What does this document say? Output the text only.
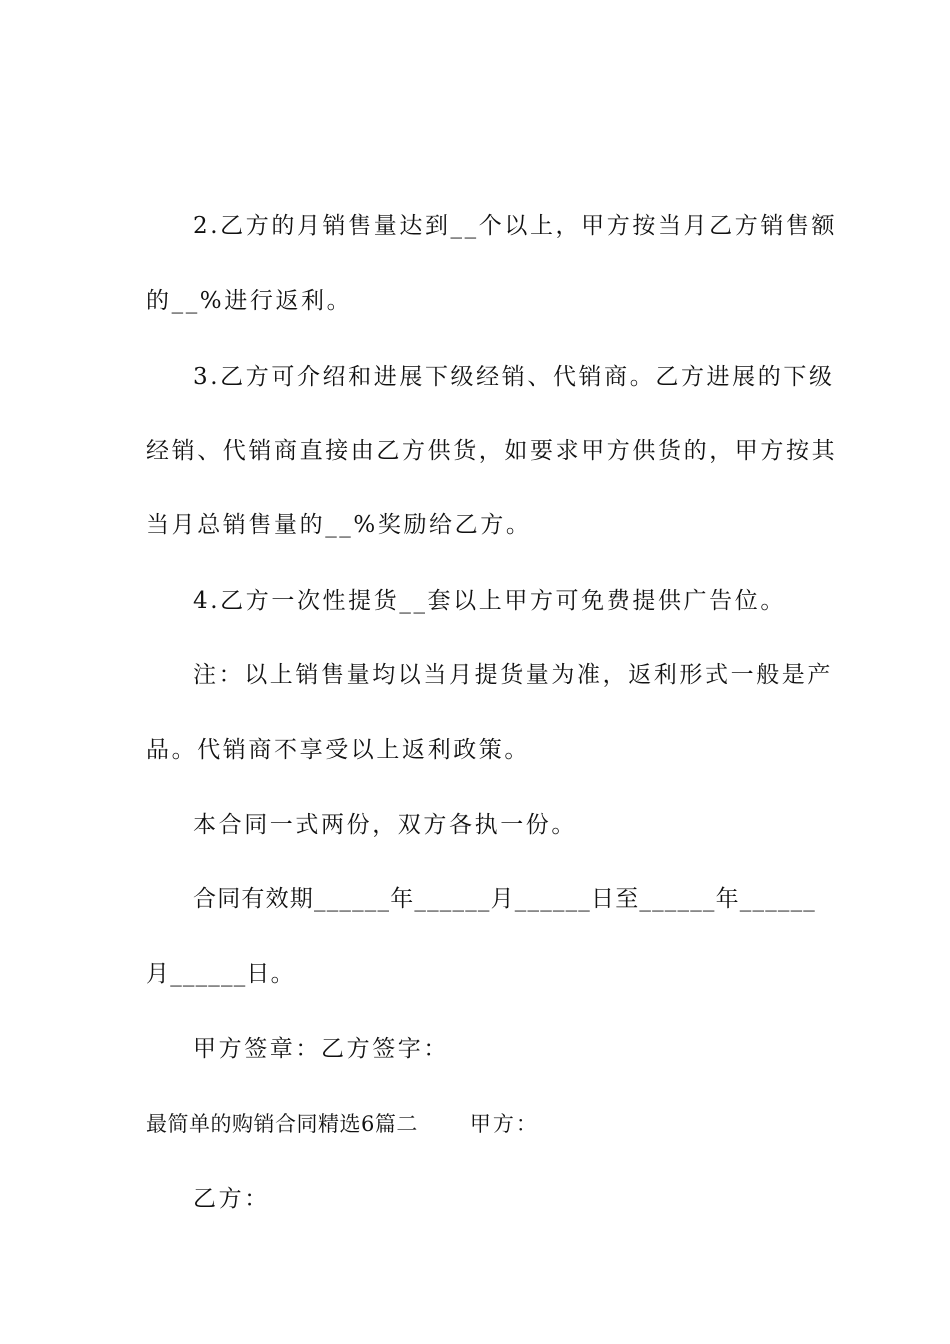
2.乙方的月销售量达到__个以上，甲方按当月乙方销售额
的__%进行返利。
3.乙方可介绍和进展下级经销、代销商。乙方进展的下级
经销、代销商直接由乙方供货，如要求甲方供货的，甲方按其
当月总销售量的__%奖励给乙方。
4.乙方一次性提货__套以上甲方可免费提供广告位。
注：以上销售量均以当月提货量为准，返利形式一般是产
品。代销商不享受以上返利政策。
本合同一式两份，双方各执一份。
合同有效期______年______月______日至______年______
月______日。
甲方签章：乙方签字：
最简单的购销合同精选6篇二 甲方：
乙方：
